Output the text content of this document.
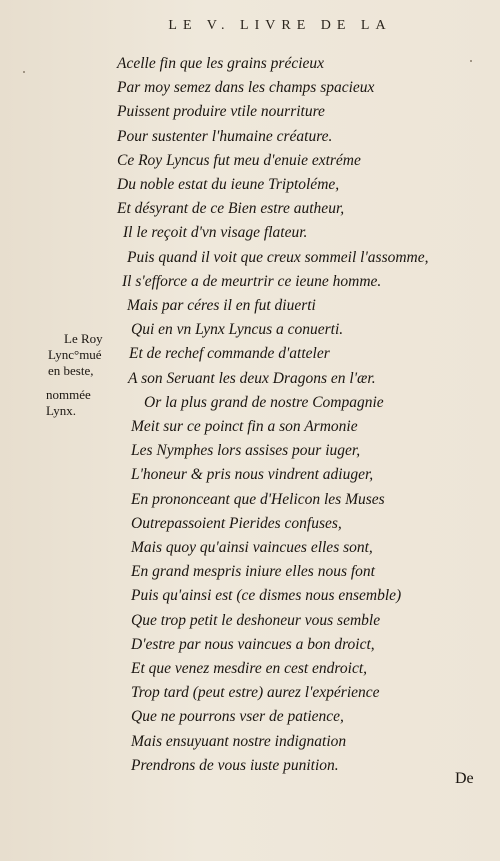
LE V. LIVRE DE LA
Acelle fin que les grains précieux
Par moy semez dans les champs spacieux
Puissent produire vtile nourriture
Pour sustenter l'humaine créature.
Ce Roy Lyncus fut meu d'enuie extréme
Du noble estat du ieune Triptoléme,
Et désyrant de ce Bien estre autheur,
Il le reçoit d'vn visage flateur.
Puis quand il voit que creux sommeil l'assomme,
Il s'efforce a de meurtrir ce ieune homme.
Mais par céres il en fut diuerti
Qui en vn Lynx Lyncus a conuerti.
Et de rechef commande d'atteler
A son Seruant les deux Dragons en l'ær.
Or la plus grand de nostre Compagnie
Meit sur ce poinct fin a son Armonie
Les Nymphes lors assises pour iuger,
L'honeur & pris nous vindrent adiuger,
En prononceant que d'Helicon les Muses
Outrepassoient Pierides confuses,
Mais quoy qu'ainsi vaincues elles sont,
En grand mespris iniure elles nous font
Puis qu'ainsi est (ce dismes nous ensemble)
Que trop petit le deshoneur vous semble
D'estre par nous vaincues a bon droict,
Et que venez mesdire en cest endroict,
Trop tard (peut estre) aurez l'expérience
Que ne pourrons vser de patience,
Mais ensuyuant nostre indignation
Prendrons de vous iuste punition.
Le Roy
Lync°mué
en beste,
nommée
Lynx.
De
